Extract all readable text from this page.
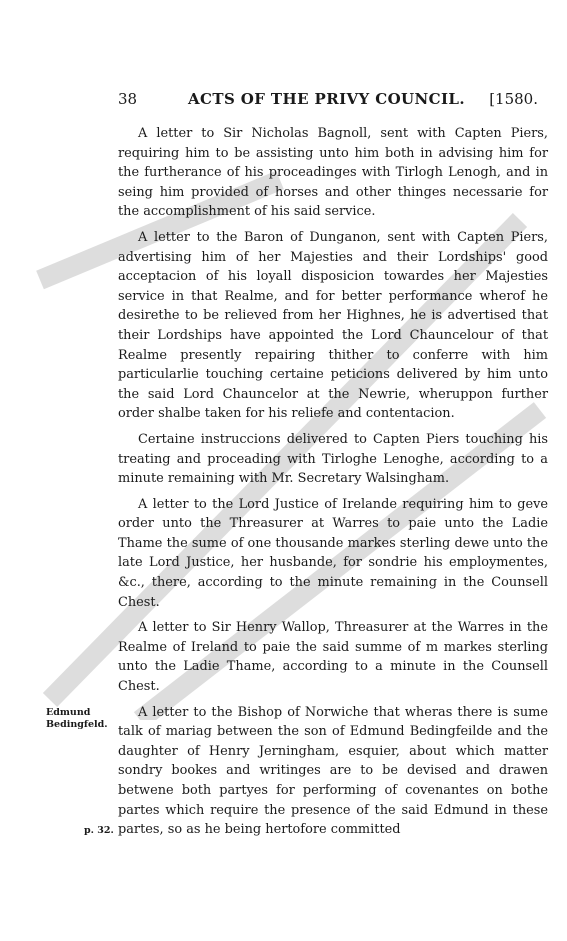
38	ACTS OF THE PRIVY COUNCIL. [1580.

A letter to Sir Nicholas Bagnoll, sent with Capten Piers, requiring him to be assisting unto him both in advising him for the furtherance of his proceadinges with Tirlogh Lenogh, and in seing him provided of horses and other thinges necessarie for the accomplishment of his said service.

A letter to the Baron of Dunganon, sent with Capten Piers, advertising him of her Majesties and their Lordships' good acceptacion of his loyall disposicion towardes her Majesties service in that Realme, and for better performance wherof he desirethe to be relieved from her Highnes, he is advertised that their Lordships have appointed the Lord Chauncelour of that Realme presently repairing thither to conferre with him particularlie touching certaine peticions delivered by him unto the said Lord Chauncelor at the Newrie, wheruppon further order shalbe taken for his reliefe and contentacion.

Certaine instruccions delivered to Capten Piers touching his treating and proceading with Tirloghe Lenoghe, according to a minute remaining with Mr. Secretary Walsingham.

A letter to the Lord Justice of Irelande requiring him to geve order unto the Threasurer at Warres to paie unto the Ladie Thame the sume of one thousande markes sterling dewe unto the late Lord Justice, her husbande, for sondrie his employmentes, &c., there, according to the minute remaining in the Counsell Chest.

A letter to Sir Henry Wallop, Threasurer at the Warres in the Realme of Ireland to paie the said summe of m markes sterling unto the Ladie Thame, according to a minute in the Counsell Chest.

A letter to the Bishop of Norwiche that wheras there is sume talk of mariag between the son of Edmund Bedingfeilde and the daughter of Henry Jerningham, esquier, about which matter sondry bookes and writinges are to be devised and drawen betwene both partyes for performing of covenantes on bothe partes which require the presence of the said Edmund in these partes, so as he being hertofore committed

Edmund
Bedingfeld.
p. 32.
